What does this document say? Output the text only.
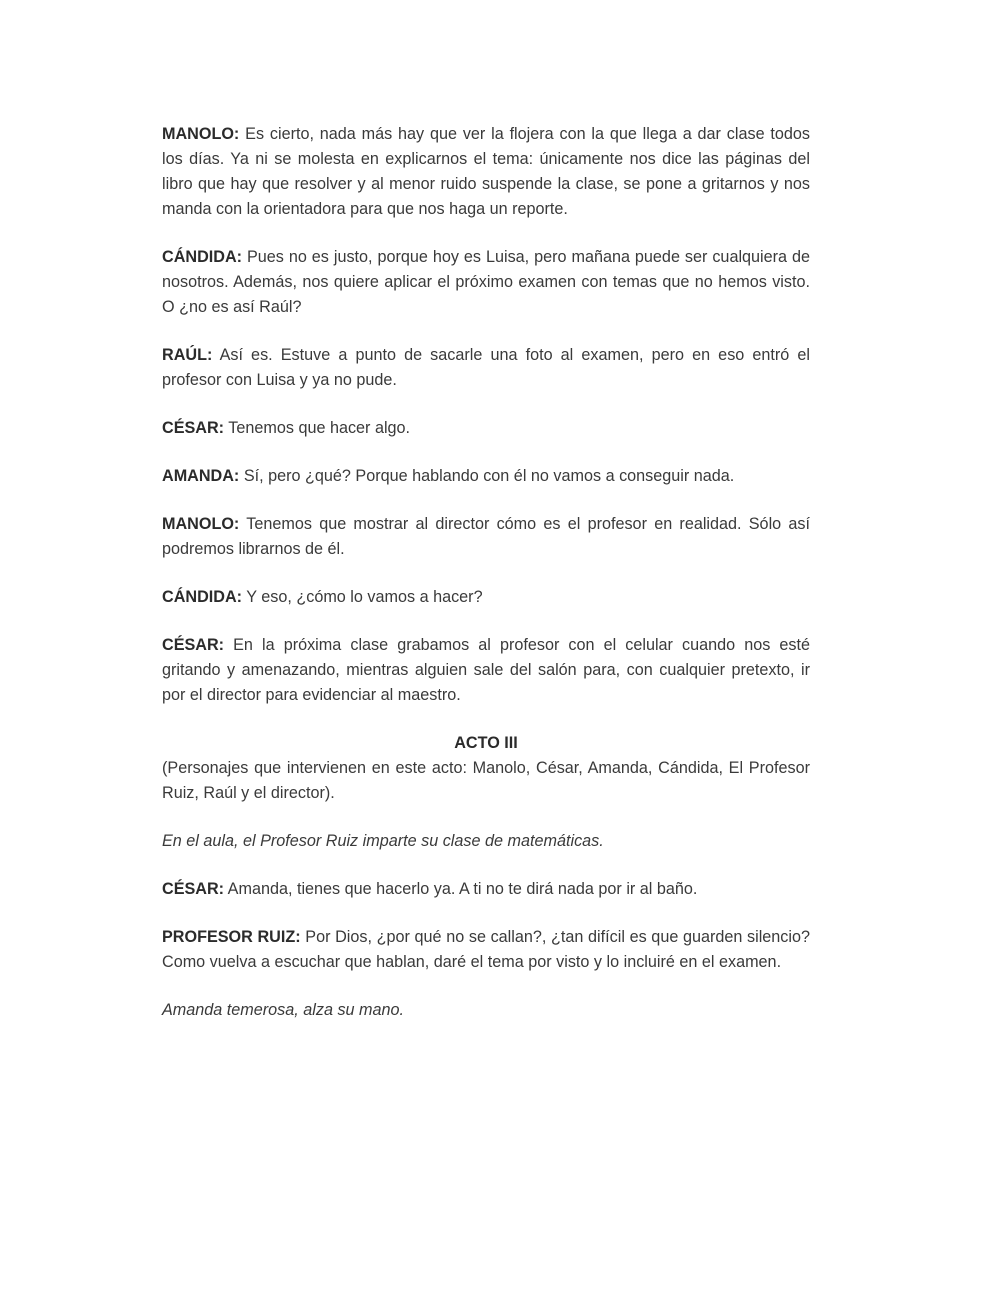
MANOLO: Es cierto, nada más hay que ver la flojera con la que llega a dar clase todos los días. Ya ni se molesta en explicarnos el tema: únicamente nos dice las páginas del libro que hay que resolver y al menor ruido suspende la clase, se pone a gritarnos y nos manda con la orientadora para que nos haga un reporte.

CÁNDIDA: Pues no es justo, porque hoy es Luisa, pero mañana puede ser cualquiera de nosotros. Además, nos quiere aplicar el próximo examen con temas que no hemos visto. O ¿no es así Raúl?

RAÚL: Así es. Estuve a punto de sacarle una foto al examen, pero en eso entró el profesor con Luisa y ya no pude.

CÉSAR: Tenemos que hacer algo.

AMANDA: Sí, pero ¿qué? Porque hablando con él no vamos a conseguir nada.

MANOLO: Tenemos que mostrar al director cómo es el profesor en realidad. Sólo así podremos librarnos de él.

CÁNDIDA: Y eso, ¿cómo lo vamos a hacer?

CÉSAR: En la próxima clase grabamos al profesor con el celular cuando nos esté gritando y amenazando, mientras alguien sale del salón para, con cualquier pretexto, ir por el director para evidenciar al maestro.

ACTO III

(Personajes que intervienen en este acto: Manolo, César, Amanda, Cándida, El Profesor Ruiz, Raúl y el director).

En el aula, el Profesor Ruiz imparte su clase de matemáticas.

CÉSAR: Amanda, tienes que hacerlo ya. A ti no te dirá nada por ir al baño.

PROFESOR RUIZ: Por Dios, ¿por qué no se callan?, ¿tan difícil es que guarden silencio? Como vuelva a escuchar que hablan, daré el tema por visto y lo incluiré en el examen.

Amanda temerosa, alza su mano.
